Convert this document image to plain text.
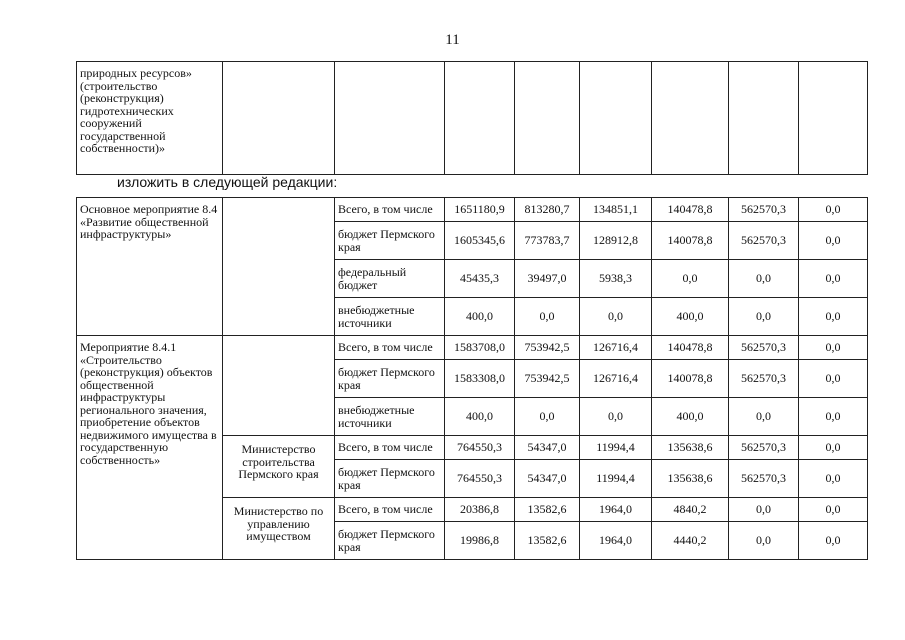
11
природных ресурсов» (строительство (реконструкция) гидротехнических сооружений государственной собственности)»								
изложить в следующей редакции:
Основное мероприятие 8.4 «Развитие общественной инфраструктуры»		Всего, в том числе	1651180,9	813280,7	134851,1	140478,8	562570,3	0,0
		бюджет Пермского края	1605345,6	773783,7	128912,8	140078,8	562570,3	0,0
		федеральный бюджет	45435,3	39497,0	5938,3	0,0	0,0	0,0
		внебюджетные источники	400,0	0,0	0,0	400,0	0,0	0,0
Мероприятие 8.4.1 «Строительство (реконструкция) объектов общественной инфраструктуры регионального значения, приобретение объектов недвижимого имущества в государственную собственность»		Всего, в том числе	1583708,0	753942,5	126716,4	140478,8	562570,3	0,0
		бюджет Пермского края	1583308,0	753942,5	126716,4	140078,8	562570,3	0,0
		внебюджетные источники	400,0	0,0	0,0	400,0	0,0	0,0
	Министерство строительства Пермского края	Всего, в том числе	764550,3	54347,0	11994,4	135638,6	562570,3	0,0
		бюджет Пермского края	764550,3	54347,0	11994,4	135638,6	562570,3	0,0
	Министерство по управлению имуществом	Всего, в том числе	20386,8	13582,6	1964,0	4840,2	0,0	0,0
		бюджет Пермского края	19986,8	13582,6	1964,0	4440,2	0,0	0,0
